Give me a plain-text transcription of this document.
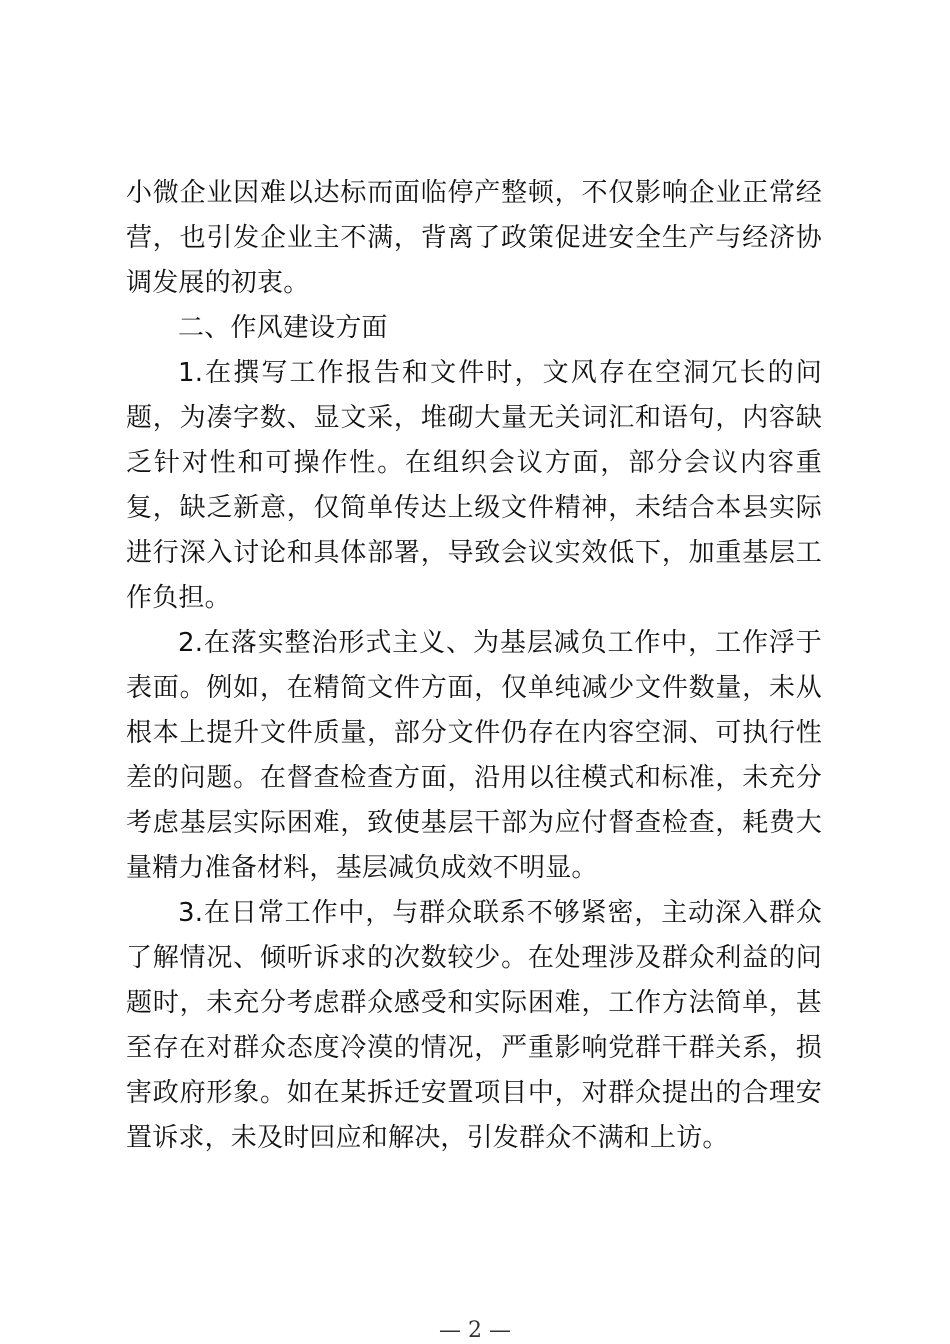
小微企业因难以达标而面临停产整顿，不仅影响企业正常经营，也引发企业主不满，背离了政策促进安全生产与经济协调发展的初衷。

二、作风建设方面

1.在撰写工作报告和文件时，文风存在空洞冗长的问题，为凑字数、显文采，堆砌大量无关词汇和语句，内容缺乏针对性和可操作性。在组织会议方面，部分会议内容重复，缺乏新意，仅简单传达上级文件精神，未结合本县实际进行深入讨论和具体部署，导致会议实效低下，加重基层工作负担。

2.在落实整治形式主义、为基层减负工作中，工作浮于表面。例如，在精简文件方面，仅单纯减少文件数量，未从根本上提升文件质量，部分文件仍存在内容空洞、可执行性差的问题。在督查检查方面，沿用以往模式和标准，未充分考虑基层实际困难，致使基层干部为应付督查检查，耗费大量精力准备材料，基层减负成效不明显。

3.在日常工作中，与群众联系不够紧密，主动深入群众了解情况、倾听诉求的次数较少。在处理涉及群众利益的问题时，未充分考虑群众感受和实际困难，工作方法简单，甚至存在对群众态度冷漠的情况，严重影响党群干群关系，损害政府形象。如在某拆迁安置项目中，对群众提出的合理安置诉求，未及时回应和解决，引发群众不满和上访。

— 2 —
